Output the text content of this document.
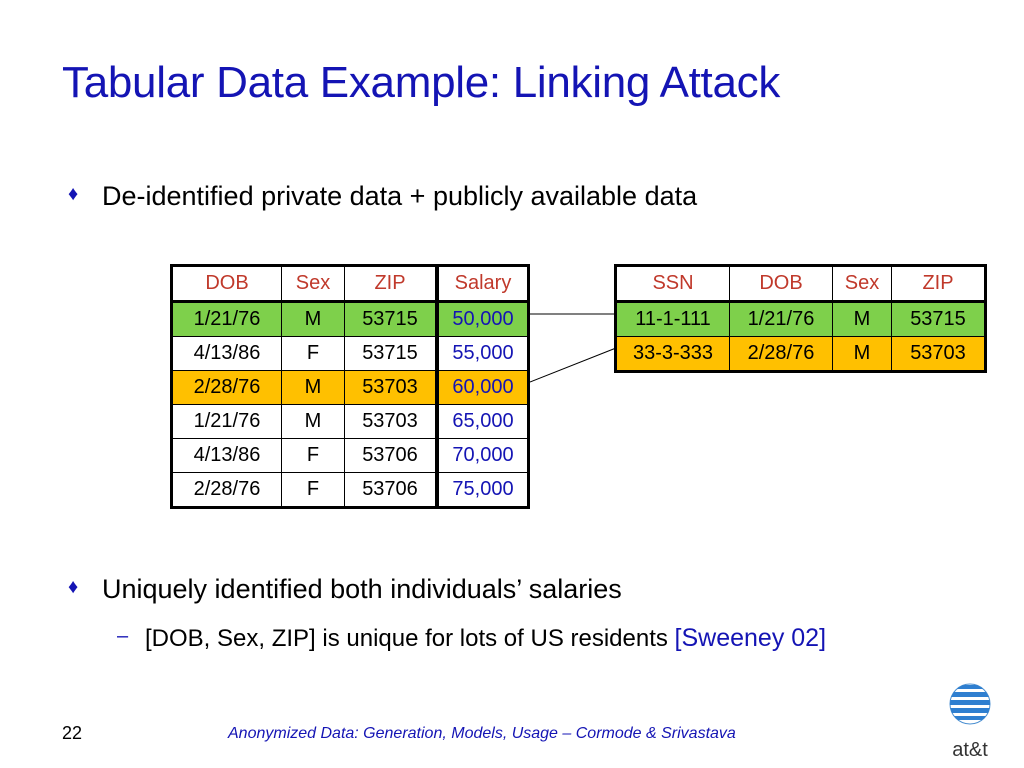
Tabular Data Example: Linking Attack
♦ De-identified private data + publicly available data
DOB	Sex	ZIP	Salary
1/21/76	M	53715	50,000
4/13/86	F	53715	55,000
2/28/76	M	53703	60,000
1/21/76	M	53703	65,000
4/13/86	F	53706	70,000
2/28/76	F	53706	75,000
SSN	DOB	Sex	ZIP
11-1-111	1/21/76	M	53715
33-3-333	2/28/76	M	53703
♦ Uniquely identified both individuals’ salaries
– [DOB, Sex, ZIP] is unique for lots of US residents [Sweeney 02]
22	Anonymized Data: Generation, Models, Usage – Cormode & Srivastava
at&t
